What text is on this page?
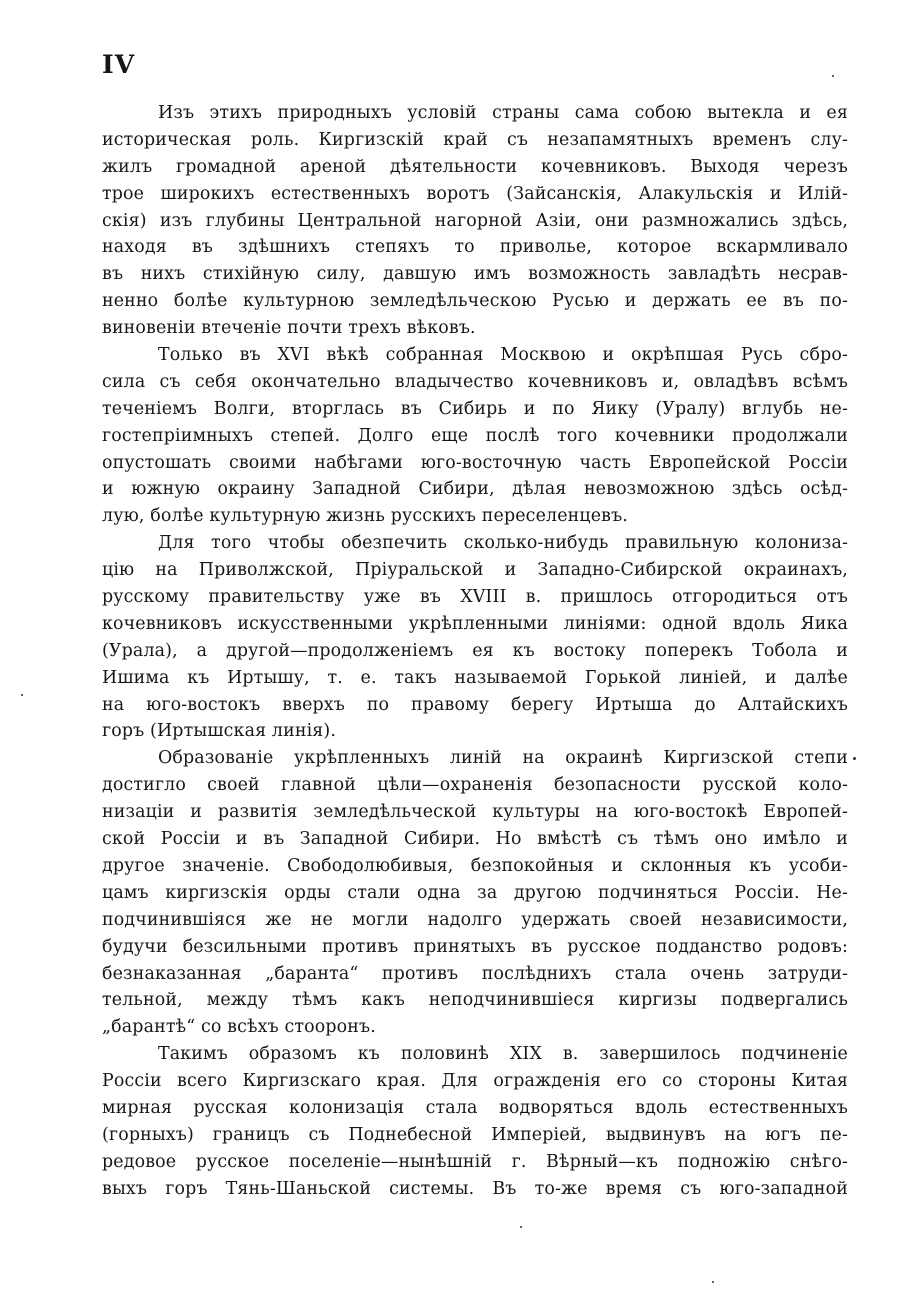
IV
Изъ этихъ природныхъ условій страны сама собою вытекла и ея
историческая роль. Киргизскій край съ незапамятныхъ временъ слу-
жилъ громадной ареной дѣятельности кочевниковъ. Выходя черезъ
трое широкихъ естественныхъ воротъ (Зайсанскія, Алакульскія и Илій-
скія) изъ глубины Центральной нагорной Азіи, они размножались здѣсь,
находя въ здѣшнихъ степяхъ то приволье, которое вскармливало
въ нихъ стихійную силу, давшую имъ возможность завладѣть несрав-
ненно болѣе культурною земледѣльческою Русью и держать ее въ по-
виновеніи втеченіе почти трехъ вѣковъ.
Только въ XVI вѣкѣ собранная Москвою и окрѣпшая Русь сбро-
сила съ себя окончательно владычество кочевниковъ и, овладѣвъ всѣмъ
теченіемъ Волги, вторглась въ Сибирь и по Яику (Уралу) вглубь не-
гостепріимныхъ степей. Долго еще послѣ того кочевники продолжали
опустошать своими набѣгами юго-восточную часть Европейской Россіи
и южную окраину Западной Сибири, дѣлая невозможною здѣсь осѣд-
лую, болѣе культурную жизнь русскихъ переселенцевъ.
Для того чтобы обезпечить сколько-нибудь правильную колониза-
цію на Приволжской, Пріуральской и Западно-Сибирской окраинахъ,
русскому правительству уже въ XVIII в. пришлось отгородиться отъ
кочевниковъ искусственными укрѣпленными линіями: одной вдоль Яика
(Урала), а другой—продолженіемъ ея къ востоку поперекъ Тобола и
Ишима къ Иртышу, т. е. такъ называемой Горькой линіей, и далѣе
на юго-востокъ вверхъ по правому берегу Иртыша до Алтайскихъ
горъ (Иртышская линія).
Образованіе укрѣпленныхъ линій на окраинѣ Киргизской степи
достигло своей главной цѣли—охраненія безопасности русской коло-
низаціи и развитія земледѣльческой культуры на юго-востокѣ Европей-
ской Россіи и въ Западной Сибири. Но вмѣстѣ съ тѣмъ оно имѣло и
другое значеніе. Свободолюбивыя, безпокойныя и склонныя къ усоби-
цамъ киргизскія орды стали одна за другою подчиняться Россіи. Не-
подчинившіяся же не могли надолго удержать своей независимости,
будучи безсильными противъ принятыхъ въ русское подданство родовъ:
безнаказанная „баранта“ противъ послѣднихъ стала очень затруди-
тельной, между тѣмъ какъ неподчинившіеся киргизы подвергались
„барантѣ“ со всѣхъ стооронъ.
Такимъ образомъ къ половинѣ XIX в. завершилось подчиненіе
Россіи всего Киргизскаго края. Для огражденія его со стороны Китая
мирная русская колонизація стала водворяться вдоль естественныхъ
(горныхъ) границъ съ Поднебесной Имперіей, выдвинувъ на югъ пе-
редовое русское поселеніе—нынѣшній г. Вѣрный—къ подножію снѣго-
выхъ горъ Тянь-Шаньской системы. Въ то-же время съ юго-западной
